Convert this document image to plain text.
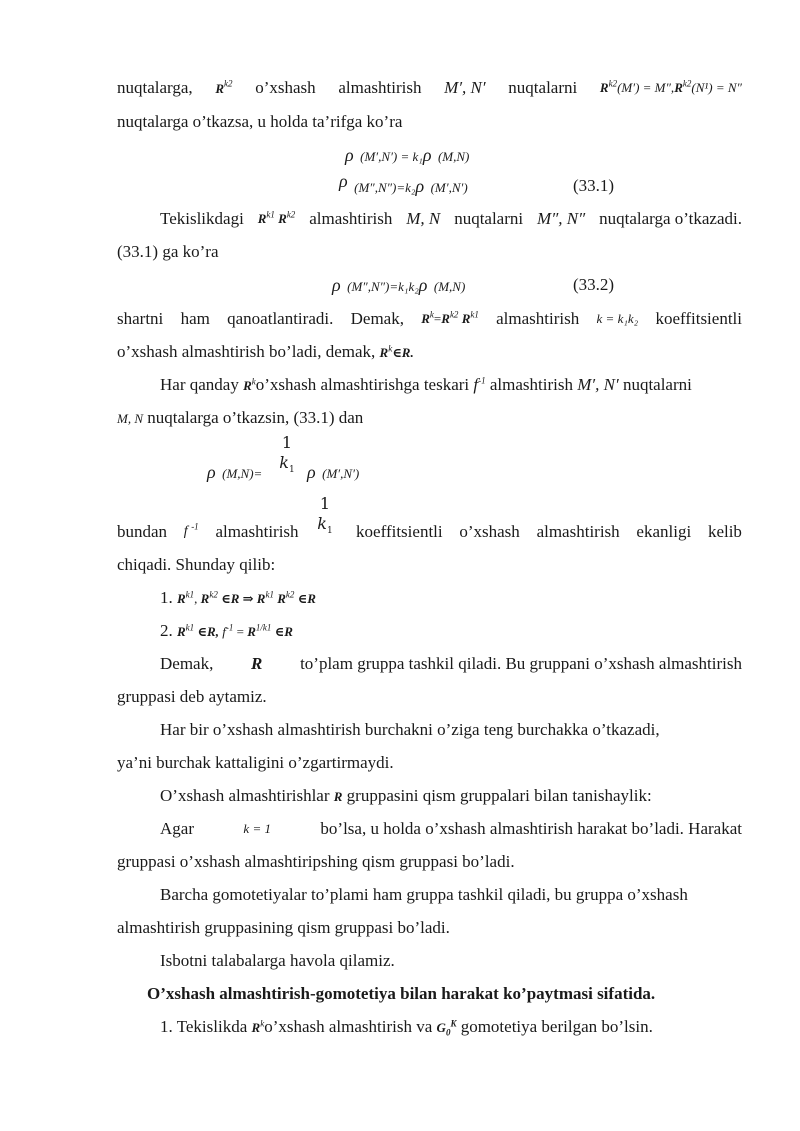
nuqtalarga, $R^{k2}$ o’xshash almashtirish M′, N′ nuqtalarni $R^{k2}(M') = M'',R^{k2}(N^1) = N''$
nuqtalarga o’tkazsa, u holda ta’rifga ko’ra
ρ (M′,N′) = k₁ρ (M,N)
ρ (M″,N″)=k₂ρ (M′,N′)	(33.1)
Tekislikdagi $R^{k1}$ $R^{k2}$ almashtirish M, N nuqtalarni M″, N″ nuqtalarga o’tkazadi.
(33.1) ga ko’ra
ρ (M″,N″)=k₁k₂ρ (M,N)	(33.2)
shartni ham qanoatlantiradi. Demak, $R^k=R^{k2}$ $R^{k1}$ almashtirish k = k₁k₂ koeffitsientli
o’xshash almashtirish bo’ladi, demak, $R^k\in R$.
Har qanday $R^ko’xshash$ almashtirishga teskari $f^{-1}$ almashtirish M′, N′ nuqtalarni
M, N nuqtalarga o’tkazsin, (33.1) dan
ρ (M,N)=
1
$k_1$ ρ (M′,N′)
bundan f $^{-1}$ almashtirish	koeffitsientli o’xshash almashtirish ekanligi kelib
1
$k_1$
chiqadi. Shunday qilib:
1. $R^{k1}$, $R^{k2}$ ∈R ⇒ $R^{k1}$ $R^{k2}$ ∈R
2. $R^{k1}$ ∈R, $f^{-1} = R^{1/k1}$ ∈R
Demak, R to’plam gruppa tashkil qiladi. Bu gruppani o’xshash almashtirish
gruppasi deb aytamiz.
Har bir o’xshash almashtirish burchakni o’ziga teng burchakka o’tkazadi,
ya’ni burchak kattaligini o’zgartirmaydi.
O’xshash almashtirishlar R gruppasini qism gruppalari bilan tanishaylik:
Agar	k = 1	bo’lsa, u holda o’xshash almashtirish harakat bo’ladi. Harakat
gruppasi o’xshash almashtiripshing qism gruppasi bo’ladi.
Barcha gomotetiyalar to’plami ham gruppa tashkil qiladi, bu gruppa o’xshash
almashtirish gruppasining qism gruppasi bo’ladi.
Isbotni talabalarga havola qilamiz.
O’xshash almashtirish-gomotetiya bilan harakat ko’paytmasi sifatida.
1. Tekislikda $R^ko’xshash$ almashtirish va $G_0^K$ gomotetiya berilgan bo’lsin.
